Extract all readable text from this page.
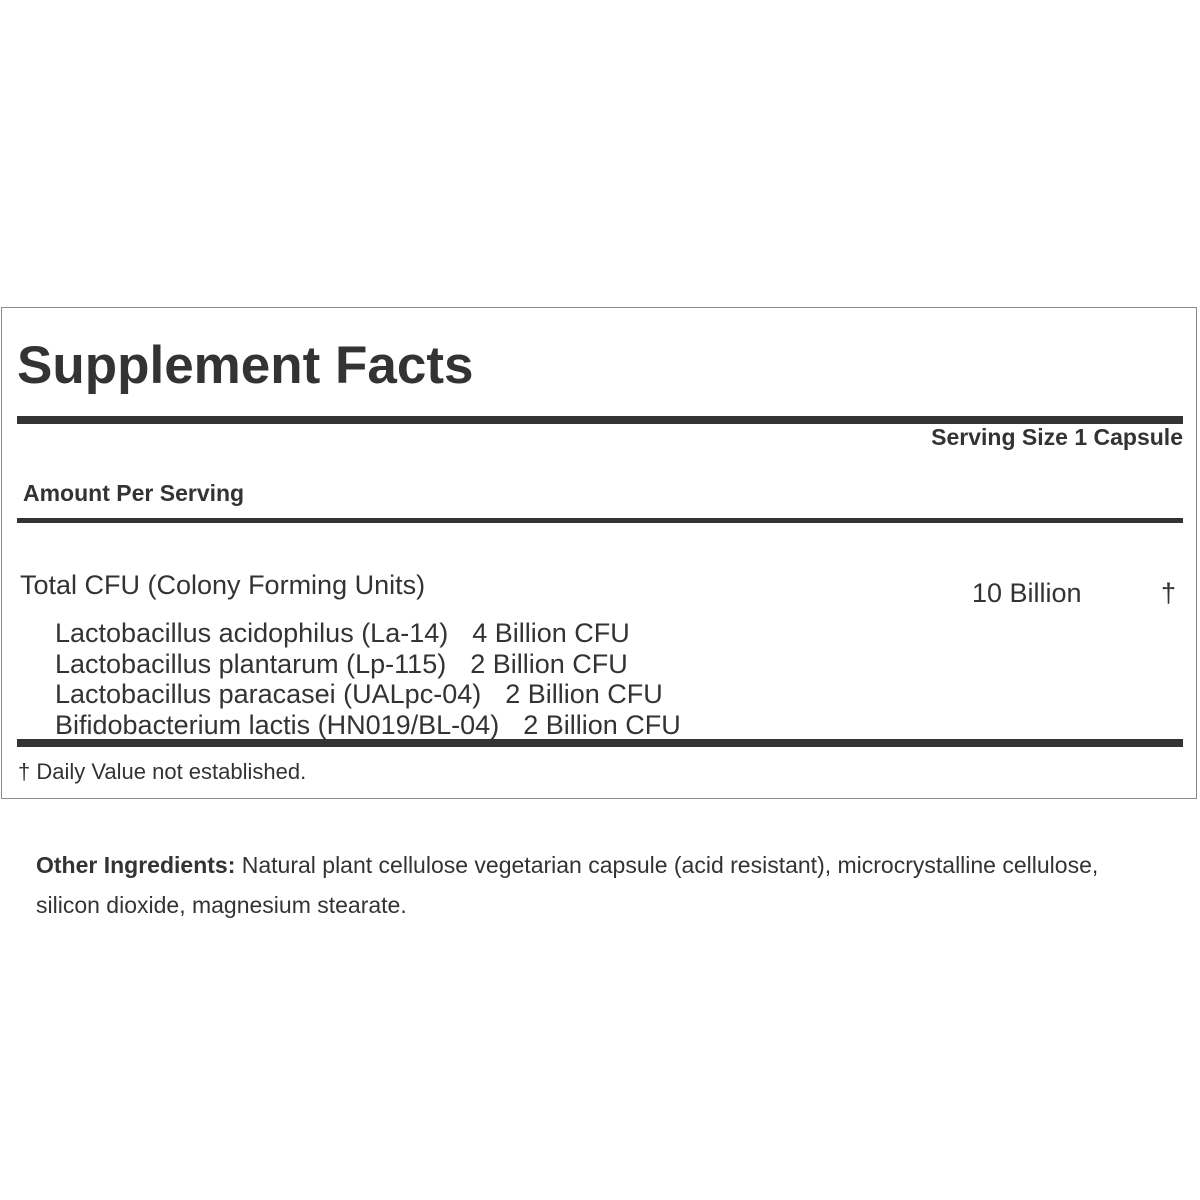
Supplement Facts
Serving Size 1 Capsule
Amount Per Serving
Total CFU (Colony Forming Units)	10 Billion	†
Lactobacillus acidophilus (La-14) 4 Billion CFU
Lactobacillus plantarum (Lp-115) 2 Billion CFU
Lactobacillus paracasei (UALpc-04) 2 Billion CFU
Bifidobacterium lactis (HN019/BL-04) 2 Billion CFU
† Daily Value not established.

Other Ingredients: Natural plant cellulose vegetarian capsule (acid resistant), microcrystalline cellulose, silicon dioxide, magnesium stearate.
